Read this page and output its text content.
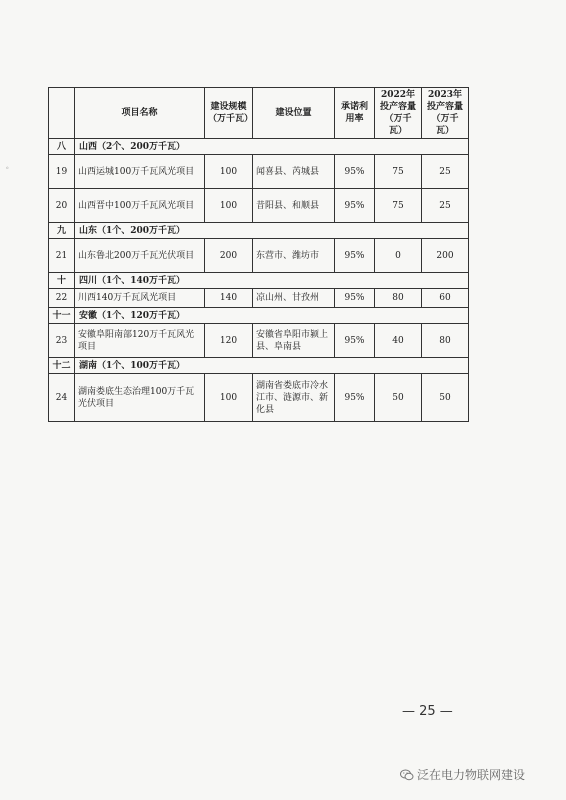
。
	项目名称	建设规模（万千瓦）	建设位置	承诺利用率	2022年投产容量（万千瓦）	2023年投产容量（万千瓦）
八	山西（2个、200万千瓦）					
19	山西运城100万千瓦风光项目	100	闻喜县、芮城县	95%	75	25
20	山西晋中100万千瓦风光项目	100	昔阳县、和顺县	95%	75	25
九	山东（1个、200万千瓦）					
21	山东鲁北200万千瓦光伏项目	200	东营市、潍坊市	95%	0	200
十	四川（1个、140万千瓦）					
22	川西140万千瓦风光项目	140	凉山州、甘孜州	95%	80	60
十一	安徽（1个、120万千瓦）					
23	安徽阜阳南部120万千瓦风光项目	120	安徽省阜阳市颍上县、阜南县	95%	40	80
十二	湖南（1个、100万千瓦）					
24	湖南娄底生态治理100万千瓦光伏项目	100	湖南省娄底市冷水江市、涟源市、新化县	95%	50	50
— 25 —
泛在电力物联网建设
